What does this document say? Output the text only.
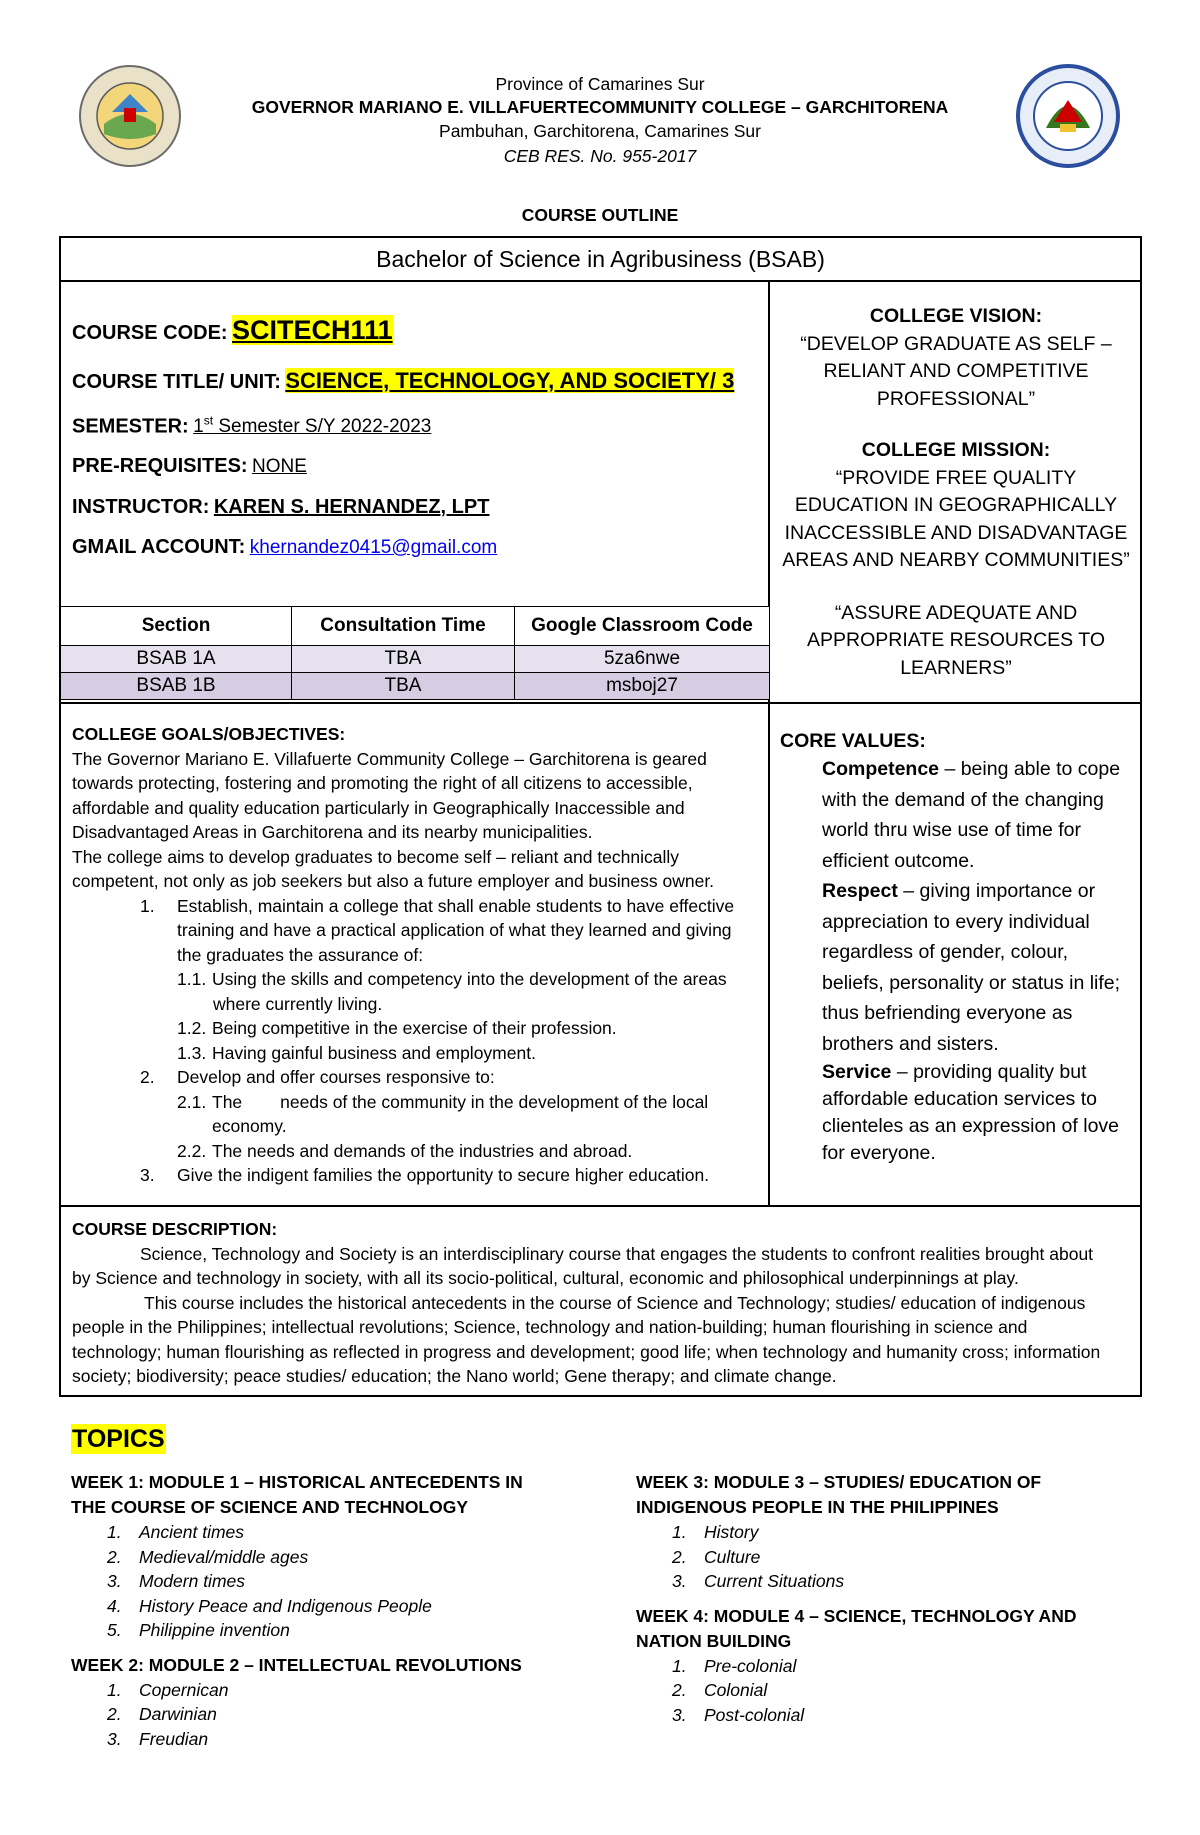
Province of Camarines Sur
GOVERNOR MARIANO E. VILLAFUERTECOMMUNITY COLLEGE – GARCHITORENA
Pambuhan, Garchitorena, Camarines Sur
CEB RES. No. 955-2017
COURSE OUTLINE
Bachelor of Science in Agribusiness (BSAB)
COURSE CODE: SCITECH111
COURSE TITLE/ UNIT: SCIENCE, TECHNOLOGY, AND SOCIETY/ 3
SEMESTER: 1st Semester S/Y 2022-2023
PRE-REQUISITES: NONE
INSTRUCTOR: KAREN S. HERNANDEZ, LPT
GMAIL ACCOUNT: khernandez0415@gmail.com
Section	Consultation Time	Google Classroom Code
BSAB 1A	TBA	5za6nwe
BSAB 1B	TBA	msboj27
COLLEGE VISION:
“DEVELOP GRADUATE AS SELF –
RELIANT AND COMPETITIVE
PROFESSIONAL”
COLLEGE MISSION:
“PROVIDE FREE QUALITY
EDUCATION IN GEOGRAPHICALLY
INACCESSIBLE AND DISADVANTAGE
AREAS AND NEARBY COMMUNITIES”
“ASSURE ADEQUATE AND
APPROPRIATE RESOURCES TO
LEARNERS”
COLLEGE GOALS/OBJECTIVES:
The Governor Mariano E. Villafuerte Community College – Garchitorena is geared
towards protecting, fostering and promoting the right of all citizens to accessible,
affordable and quality education particularly in Geographically Inaccessible and
Disadvantaged Areas in Garchitorena and its nearby municipalities.
The college aims to develop graduates to become self – reliant and technically
competent, not only as job seekers but also a future employer and business owner.
1. Establish, maintain a college that shall enable students to have effective
training and have a practical application of what they learned and giving
the graduates the assurance of:
1.1. Using the skills and competency into the development of the areas
where currently living.
1.2. Being competitive in the exercise of their profession.
1.3. Having gainful business and employment.
2. Develop and offer courses responsive to:
2.1. The needs of the community in the development of the local
economy.
2.2. The needs and demands of the industries and abroad.
3. Give the indigent families the opportunity to secure higher education.
CORE VALUES:
Competence – being able to cope
with the demand of the changing
world thru wise use of time for
efficient outcome.
Respect – giving importance or
appreciation to every individual
regardless of gender, colour,
beliefs, personality or status in life;
thus befriending everyone as
brothers and sisters.
Service – providing quality but
affordable education services to
clienteles as an expression of love
for everyone.
COURSE DESCRIPTION:
Science, Technology and Society is an interdisciplinary course that engages the students to confront realities brought about
by Science and technology in society, with all its socio-political, cultural, economic and philosophical underpinnings at play.
This course includes the historical antecedents in the course of Science and Technology; studies/ education of indigenous
people in the Philippines; intellectual revolutions; Science, technology and nation-building; human flourishing in science and
technology; human flourishing as reflected in progress and development; good life; when technology and humanity cross; information
society; biodiversity; peace studies/ education; the Nano world; Gene therapy; and climate change.
TOPICS
WEEK 1: MODULE 1 – HISTORICAL ANTECEDENTS IN
THE COURSE OF SCIENCE AND TECHNOLOGY
1. Ancient times
2. Medieval/middle ages
3. Modern times
4. History Peace and Indigenous People
5. Philippine invention
WEEK 2: MODULE 2 – INTELLECTUAL REVOLUTIONS
1. Copernican
2. Darwinian
3. Freudian
WEEK 3: MODULE 3 – STUDIES/ EDUCATION OF
INDIGENOUS PEOPLE IN THE PHILIPPINES
1. History
2. Culture
3. Current Situations
WEEK 4: MODULE 4 – SCIENCE, TECHNOLOGY AND
NATION BUILDING
1. Pre-colonial
2. Colonial
3. Post-colonial
